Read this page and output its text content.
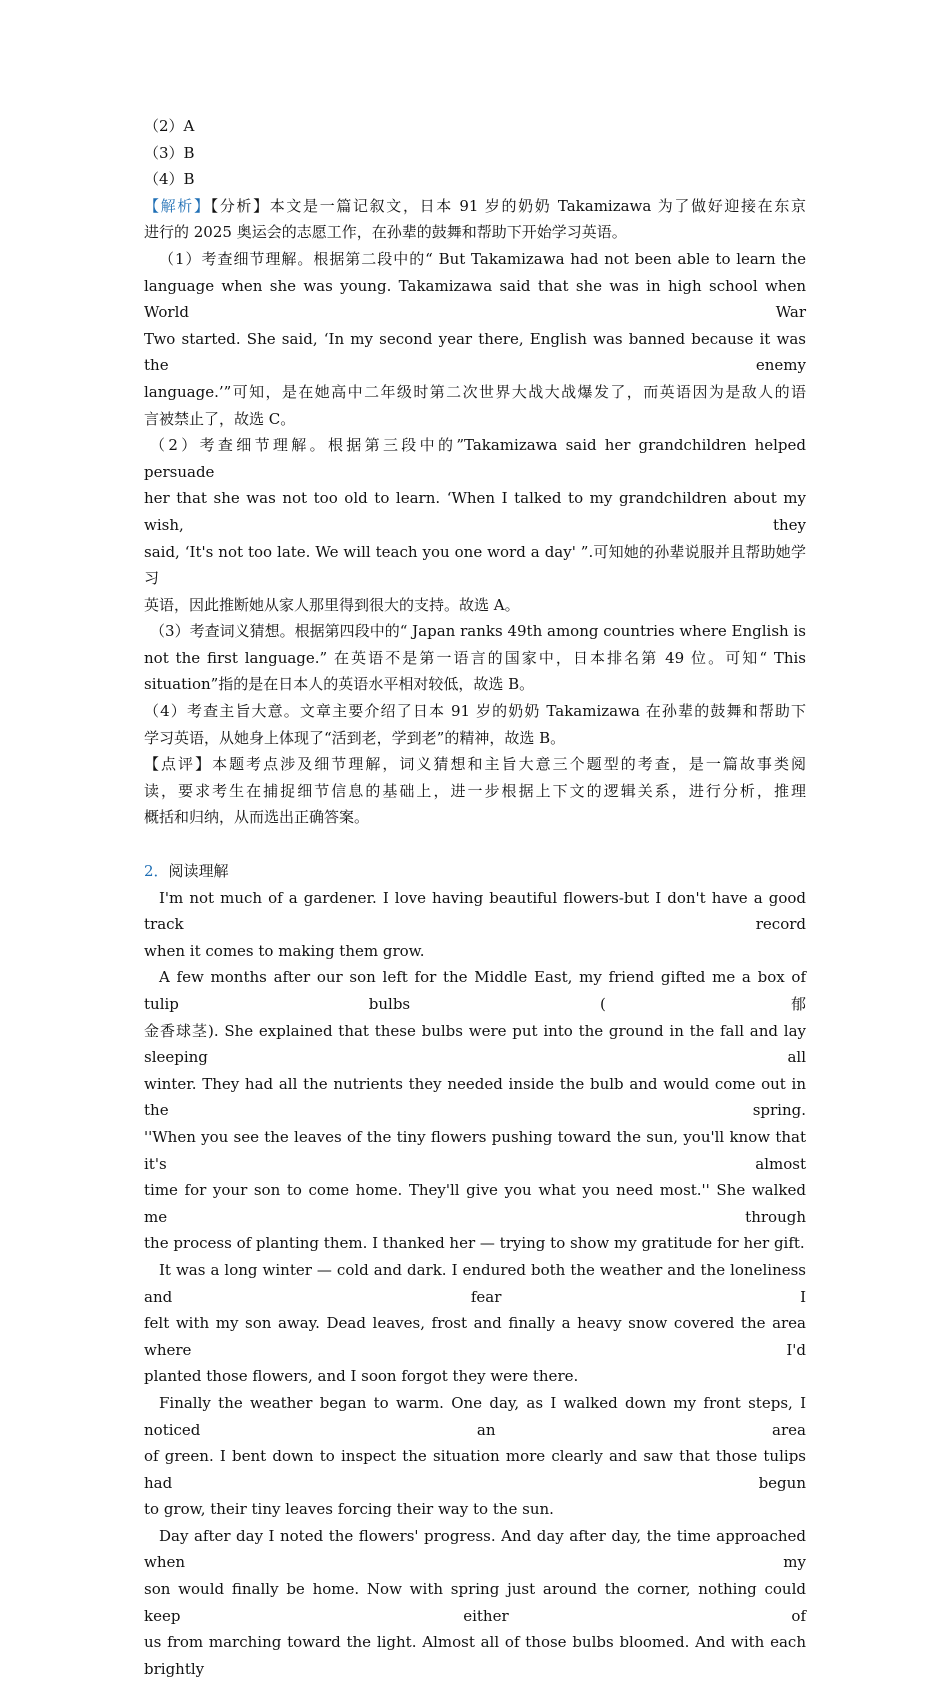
（2）A

（3）B

（4）B

【解析】【分析】本文是一篇记叙文，日本 91 岁的奶奶 Takamizawa 为了做好迎接在东京

进行的 2025 奥运会的志愿工作，在孙辈的鼓舞和帮助下开始学习英语。

（1）考查细节理解。根据第二段中的“ But Takamizawa had not been able to learn the

language when she was young. Takamizawa said that she was in high school when World War

Two started. She said, ‘In my second year there, English was banned because it was the enemy

language.’”可知，是在她高中二年级时第二次世界大战大战爆发了，而英语因为是敌人的语

言被禁止了，故选 C。

（2）考查细节理解。根据第三段中的”Takamizawa said her grandchildren helped persuade

her that she was not too old to learn. ‘When I talked to my grandchildren about my wish, they

said, ‘It's not too late. We will teach you one word a day' ”.可知她的孙辈说服并且帮助她学习

英语，因此推断她从家人那里得到很大的支持。故选 A。

（3）考查词义猜想。根据第四段中的“ Japan ranks 49th among countries where English is

not the first language.” 在英语不是第一语言的国家中，日本排名第 49 位。可知“ This

situation”指的是在日本人的英语水平相对较低，故选 B。

（4）考查主旨大意。文章主要介绍了日本 91 岁的奶奶 Takamizawa 在孙辈的鼓舞和帮助下

学习英语，从她身上体现了“活到老，学到老”的精神，故选 B。

【点评】本题考点涉及细节理解，词义猜想和主旨大意三个题型的考查，是一篇故事类阅

读，要求考生在捕捉细节信息的基础上，进一步根据上下文的逻辑关系，进行分析，推理

概括和归纳，从而选出正确答案。

2．阅读理解

I'm not much of a gardener. I love having beautiful flowers-but I don't have a good track record

when it comes to making them grow.

A few months after our son left for the Middle East, my friend gifted me a box of tulip bulbs (郁

金香球茎). She explained that these bulbs were put into the ground in the fall and lay sleeping all

winter. They had all the nutrients they needed inside the bulb and would come out in the spring.

''When you see the leaves of the tiny flowers pushing toward the sun, you'll know that it's almost

time for your son to come home. They'll give you what you need most.'' She walked me through

the process of planting them. I thanked her — trying to show my gratitude for her gift.

It was a long winter — cold and dark. I endured both the weather and the loneliness and fear I

felt with my son away. Dead leaves, frost and finally a heavy snow covered the area where I'd

planted those flowers, and I soon forgot they were there.

Finally the weather began to warm. One day, as I walked down my front steps, I noticed an area

of green. I bent down to inspect the situation more clearly and saw that those tulips had begun

to grow, their tiny leaves forcing their way to the sun.

Day after day I noted the flowers' progress. And day after day, the time approached when my

son would finally be home. Now with spring just around the corner, nothing could keep either of

us from marching toward the light. Almost all of those bulbs bloomed. And with each brightly
